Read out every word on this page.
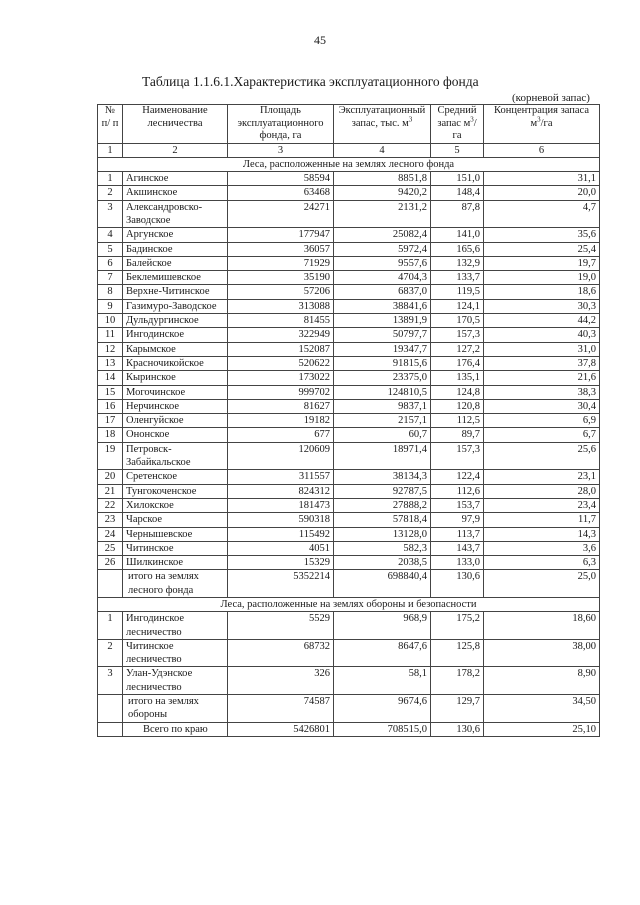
45
Таблица 1.1.6.1.Характеристика эксплуатационного фонда
(корневой запас)
№ п/ п	Наименование лесничества	Площадь эксплуатационного фонда, га	Эксплуатационный запас, тыс. $м^3$	Средний запас $м^3/га$	Концентрация запаса $м^3/га$
1	2	3	4	5	6
Леса, расположенные на землях лесного фонда					
1	Агинское	58594	8851,8	151,0	31,1
2	Акшинское	63468	9420,2	148,4	20,0
3	Александровско-Заводское	24271	2131,2	87,8	4,7
4	Аргунское	177947	25082,4	141,0	35,6
5	Бадинское	36057	5972,4	165,6	25,4
6	Балейское	71929	9557,6	132,9	19,7
7	Беклемишевское	35190	4704,3	133,7	19,0
8	Верхне-Читинское	57206	6837,0	119,5	18,6
9	Газимуро-Заводское	313088	38841,6	124,1	30,3
10	Дульдургинское	81455	13891,9	170,5	44,2
11	Ингодинское	322949	50797,7	157,3	40,3
12	Карымское	152087	19347,7	127,2	31,0
13	Красночикойское	520622	91815,6	176,4	37,8
14	Кыринское	173022	23375,0	135,1	21,6
15	Могочинское	999702	124810,5	124,8	38,3
16	Нерчинское	81627	9837,1	120,8	30,4
17	Оленгуйское	19182	2157,1	112,5	6,9
18	Ононское	677	60,7	89,7	6,7
19	Петровск-Забайкальское	120609	18971,4	157,3	25,6
20	Сретенское	311557	38134,3	122,4	23,1
21	Тунгокоченское	824312	92787,5	112,6	28,0
22	Хилокское	181473	27888,2	153,7	23,4
23	Чарское	590318	57818,4	97,9	11,7
24	Чернышевское	115492	13128,0	113,7	14,3
25	Читинское	4051	582,3	143,7	3,6
26	Шилкинское	15329	2038,5	133,0	6,3
	итого на землях лесного фонда	5352214	698840,4	130,6	25,0
Леса, расположенные на землях обороны и безопасности					
1	Ингодинское лесничество	5529	968,9	175,2	18,60
2	Читинское лесничество	68732	8647,6	125,8	38,00
3	Улан-Удэнское лесничество	326	58,1	178,2	8,90
	итого на землях обороны	74587	9674,6	129,7	34,50
	Всего по краю	5426801	708515,0	130,6	25,10
